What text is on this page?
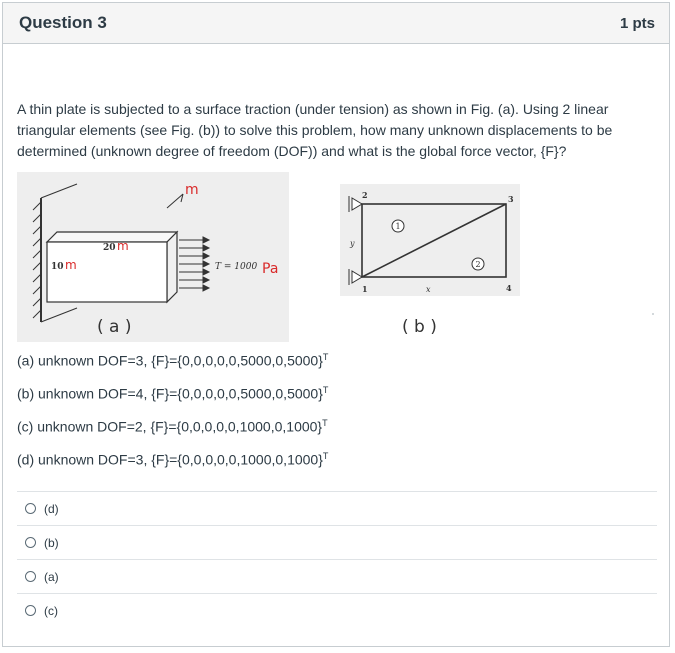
Question 3	1 pts
A thin plate is subjected to a surface traction (under tension) as shown in Fig. (a). Using 2 linear triangular elements (see Fig. (b)) to solve this problem, how many unknown displacements to be determined (unknown degree of freedom (DOF)) and what is the global force vector, {F}?
m
10 m
20 m
T = 1000 Pa
( a )
1
2	3
4
1
2
y
x
( b )
(a) unknown DOF=3, $\{F\}=\{0,0,0,0,0,5000,0,5000\}^T$
(b) unknown DOF=4, $\{F\}=\{0,0,0,0,0,5000,0,5000\}^T$
(c) unknown DOF=2, $\{F\}=\{0,0,0,0,0,1000,0,1000\}^T$
(d) unknown DOF=3, $\{F\}=\{0,0,0,0,0,1000,0,1000\}^T$
(d)
(b)
(a)
(c)
